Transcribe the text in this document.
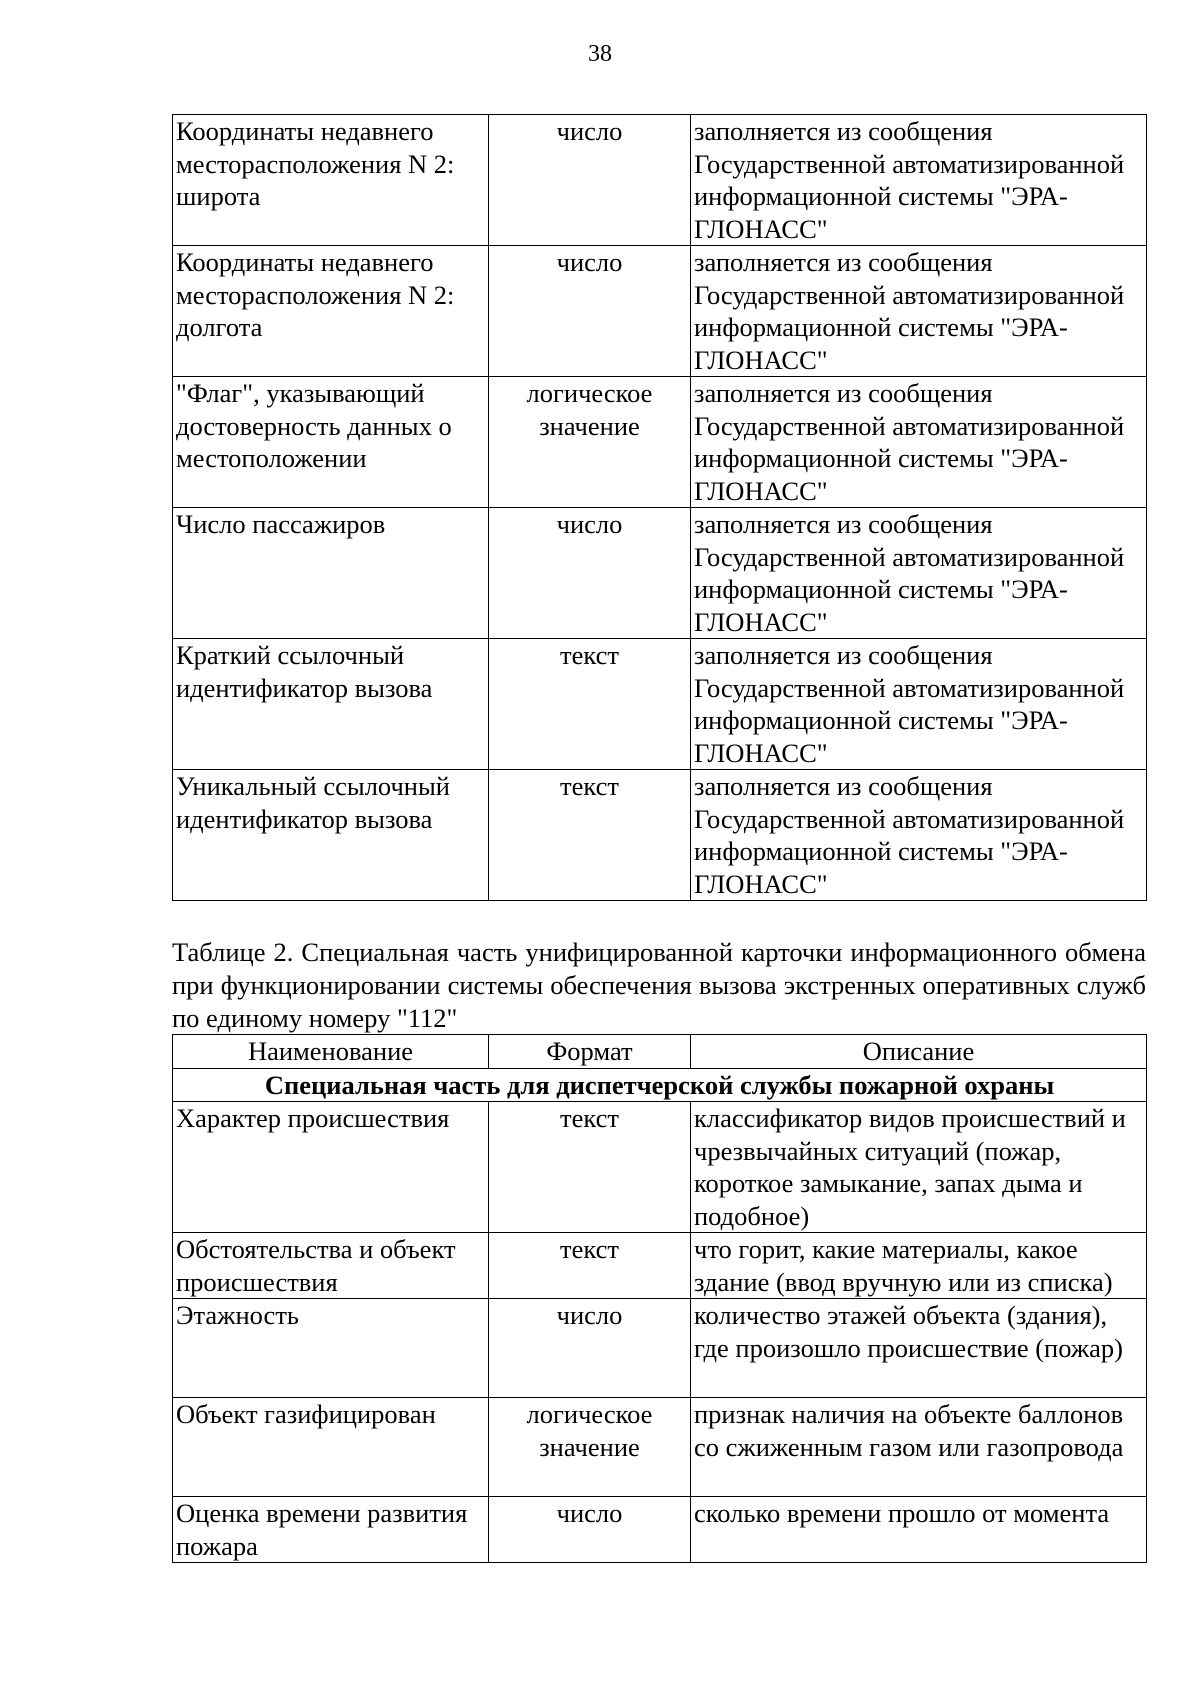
38
Координаты недавнего месторасположения N 2: широта	число	заполняется из сообщения Государственной автоматизированной информационной системы "ЭРА-ГЛОНАСС"
Координаты недавнего месторасположения N 2: долгота	число	заполняется из сообщения Государственной автоматизированной информационной системы "ЭРА-ГЛОНАСС"
"Флаг", указывающий достоверность данных о местоположении	логическое значение	заполняется из сообщения Государственной автоматизированной информационной системы "ЭРА-ГЛОНАСС"
Число пассажиров	число	заполняется из сообщения Государственной автоматизированной информационной системы "ЭРА-ГЛОНАСС"
Краткий ссылочный идентификатор вызова	текст	заполняется из сообщения Государственной автоматизированной информационной системы "ЭРА-ГЛОНАСС"
Уникальный ссылочный идентификатор вызова	текст	заполняется из сообщения Государственной автоматизированной информационной системы "ЭРА-ГЛОНАСС"
Таблице 2. Специальная часть унифицированной карточки информационного обмена при функционировании системы обеспечения вызова экстренных оперативных служб по единому номеру "112"
Наименование	Формат	Описание
Специальная часть для диспетчерской службы пожарной охраны		
Характер происшествия	текст	классификатор видов происшествий и чрезвычайных ситуаций (пожар, короткое замыкание, запах дыма и подобное)
Обстоятельства и объект происшествия	текст	что горит, какие материалы, какое здание (ввод вручную или из списка)
Этажность	число	количество этажей объекта (здания), где произошло происшествие (пожар)
Объект газифицирован	логическое значение	признак наличия на объекте баллонов со сжиженным газом или газопровода
Оценка времени развития пожара	число	сколько времени прошло от момента
